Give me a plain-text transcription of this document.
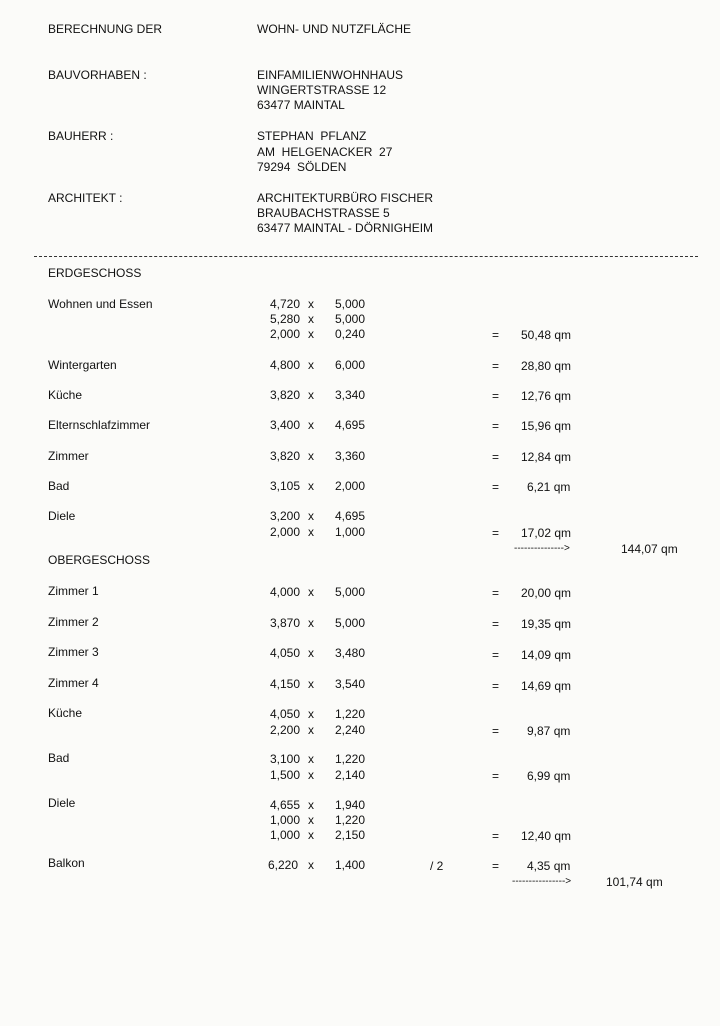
BERECHNUNG DER	WOHN- UND NUTZFLÄCHE
BAUVORHABEN :	EINFAMILIENWOHNHAUS
WINGERTSTRASSE 12
63477 MAINTAL
BAUHERR :	STEPHAN  PFLANZ
AM  HELGENACKER  27
79294  SÖLDEN
ARCHITEKT :	ARCHITEKTURBÜRO FISCHER
BRAUBACHSTRASSE 5
63477 MAINTAL - DÖRNIGHEIM
ERDGESCHOSS
Wohnen und Essen	4,720 x 5,000
5,280 x 5,000
2,000 x 0,240	= 50,48 qm
Wintergarten	4,800 x 6,000	= 28,80 qm
Küche	3,820 x 3,340	= 12,76 qm
Elternschlafzimmer	3,400 x 4,695	= 15,96 qm
Zimmer	3,820 x 3,360	= 12,84 qm
Bad	3,105 x 2,000	= 6,21 qm
Diele	3,200 x 4,695
2,000 x 1,000	= 17,02 qm
--------------->	144,07 qm
OBERGESCHOSS
Zimmer 1	4,000 x 5,000	= 20,00 qm
Zimmer 2	3,870 x 5,000	= 19,35 qm
Zimmer 3	4,050 x 3,480	= 14,09 qm
Zimmer 4	4,150 x 3,540	= 14,69 qm
Küche	4,050 x 1,220
2,200 x 2,240	= 9,87 qm
Bad	3,100 x 1,220
1,500 x 2,140	= 6,99 qm
Diele	4,655 x 1,940
1,000 x 1,220
1,000 x 2,150	= 12,40 qm
Balkon	6,220 x 1,400	/ 2	= 4,35 qm
---------------->	101,74 qm
